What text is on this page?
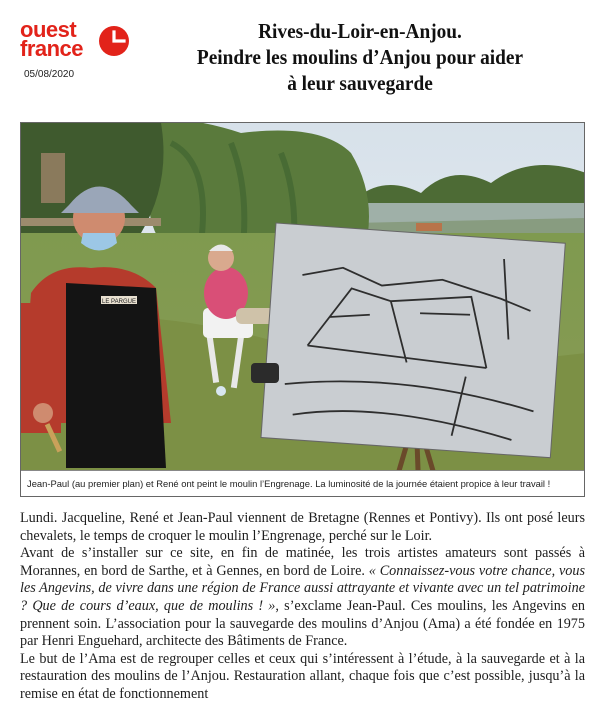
ouest
france
05/08/2020
Rives-du-Loir-en-Anjou.
Peindre les moulins d’Anjou pour aider
à leur sauvegarde
LE PARGUE
Jean-Paul (au premier plan) et René ont peint le moulin l’Engrenage. La luminosité de la journée étaient propice à leur travail !

Lundi. Jacqueline, René et Jean-Paul viennent de Bretagne (Rennes et Pontivy). Ils ont posé leurs chevalets, le temps de croquer le moulin l’Engrenage, perché sur le Loir.

Avant de s’installer sur ce site, en fin de matinée, les trois artistes amateurs sont passés à Morannes, en bord de Sarthe, et à Gennes, en bord de Loire. « Connaissez-vous votre chance, vous les Angevins, de vivre dans une région de France aussi attrayante et vivante avec un tel patrimoine ? Que de cours d’eaux, que de moulins ! », s’exclame Jean-Paul. Ces moulins, les Angevins en prennent soin. L’association pour la sauvegarde des moulins d’Anjou (Ama) a été fondée en 1975 par Henri Enguehard, architecte des Bâtiments de France.

Le but de l’Ama est de regrouper celles et ceux qui s’intéressent à l’étude, à la sauvegarde et à la restauration des moulins de l’Anjou. Restauration allant, chaque fois que c’est possible, jusqu’à la remise en état de fonctionnement
